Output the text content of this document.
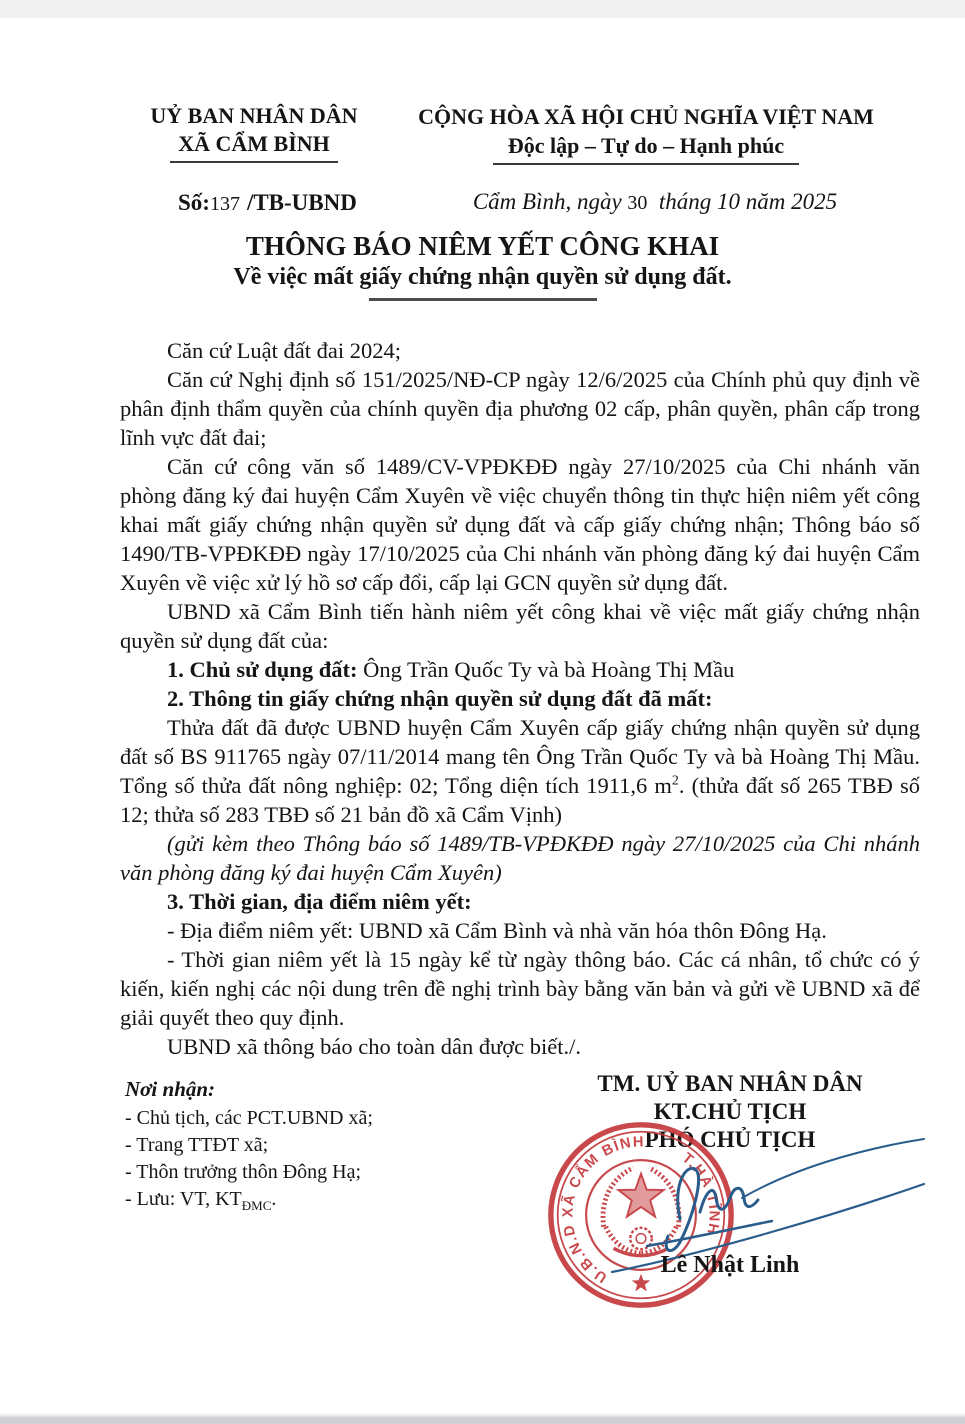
UỶ BAN NHÂN DÂN
XÃ CẨM BÌNH
CỘNG HÒA XÃ HỘI CHỦ NGHĨA VIỆT NAM
Độc lập – Tự do – Hạnh phúc
Số:137 /TB-UBND	Cẩm Bình, ngày 30 tháng 10 năm 2025
THÔNG BÁO NIÊM YẾT CÔNG KHAI
Về việc mất giấy chứng nhận quyền sử dụng đất.

Căn cứ Luật đất đai 2024;

Căn cứ Nghị định số 151/2025/NĐ-CP ngày 12/6/2025 của Chính phủ quy định về phân định thẩm quyền của chính quyền địa phương 02 cấp, phân quyền, phân cấp trong lĩnh vực đất đai;

Căn cứ công văn số 1489/CV-VPĐKĐĐ ngày 27/10/2025 của Chi nhánh văn phòng đăng ký đai huyện Cẩm Xuyên về việc chuyển thông tin thực hiện niêm yết công khai mất giấy chứng nhận quyền sử dụng đất và cấp giấy chứng nhận; Thông báo số 1490/TB-VPĐKĐĐ ngày 17/10/2025 của Chi nhánh văn phòng đăng ký đai huyện Cẩm Xuyên về việc xử lý hồ sơ cấp đổi, cấp lại GCN quyền sử dụng đất.

UBND xã Cẩm Bình tiến hành niêm yết công khai về việc mất giấy chứng nhận quyền sử dụng đất của:

1. Chủ sử dụng đất: Ông Trần Quốc Ty và bà Hoàng Thị Mầu

2. Thông tin giấy chứng nhận quyền sử dụng đất đã mất:

Thửa đất đã được UBND huyện Cẩm Xuyên cấp giấy chứng nhận quyền sử dụng đất số BS 911765 ngày 07/11/2014 mang tên Ông Trần Quốc Ty và bà Hoàng Thị Mầu. Tổng số thửa đất nông nghiệp: 02; Tổng diện tích 1911,6 $m^2$. (thửa đất số 265 TBĐ số 12; thửa số 283 TBĐ số 21 bản đồ xã Cẩm Vịnh)

(gửi kèm theo Thông báo số 1489/TB-VPĐKĐĐ ngày 27/10/2025 của Chi nhánh văn phòng đăng ký đai huyện Cẩm Xuyên)

3. Thời gian, địa điểm niêm yết:

- Địa điểm niêm yết: UBND xã Cẩm Bình và nhà văn hóa thôn Đông Hạ.

- Thời gian niêm yết là 15 ngày kể từ ngày thông báo. Các cá nhân, tổ chức có ý kiến, kiến nghị các nội dung trên đề nghị trình bày bằng văn bản và gửi về UBND xã để giải quyết theo quy định.

UBND xã thông báo cho toàn dân được biết./.

Nơi nhận:
- Chủ tịch, các PCT.UBND xã;
- Trang TTĐT xã;
- Thôn trưởng thôn Đông Hạ;
- Lưu: VT, $KT_{ĐMC}$.
TM. UỶ BAN NHÂN DÂN
KT.CHỦ TỊCH
PHÓ CHỦ TỊCH
U.B.N.D XÃ CẨM BÌNH
T.HÀ TĨNH
Lê Nhật Linh
